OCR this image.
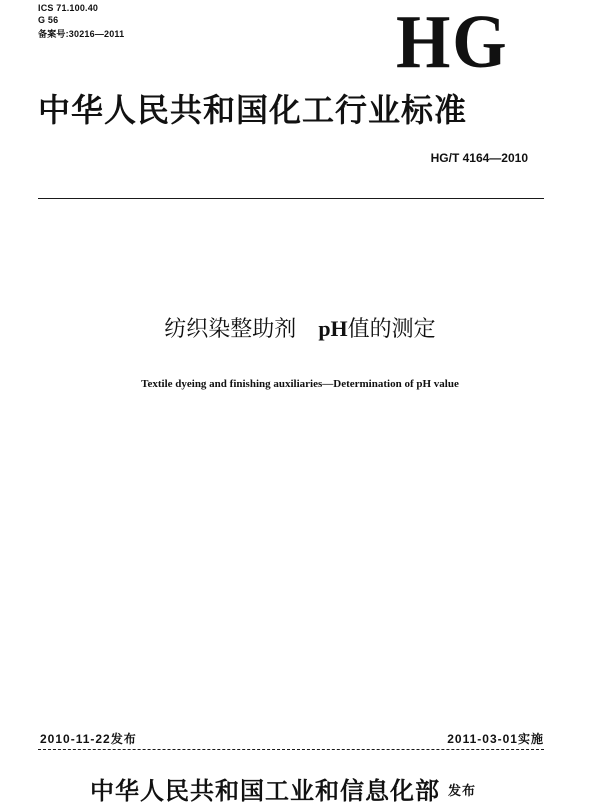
ICS 71.100.40
G 56
备案号:30216—2011	HG
中华人民共和国化工行业标准
HG/T 4164—2010
纺织染整助剂 pH值的测定
Textile dyeing and finishing auxiliaries—Determination of pH value
2010-11-22发布	2011-03-01实施
中华人民共和国工业和信息化部 发布
